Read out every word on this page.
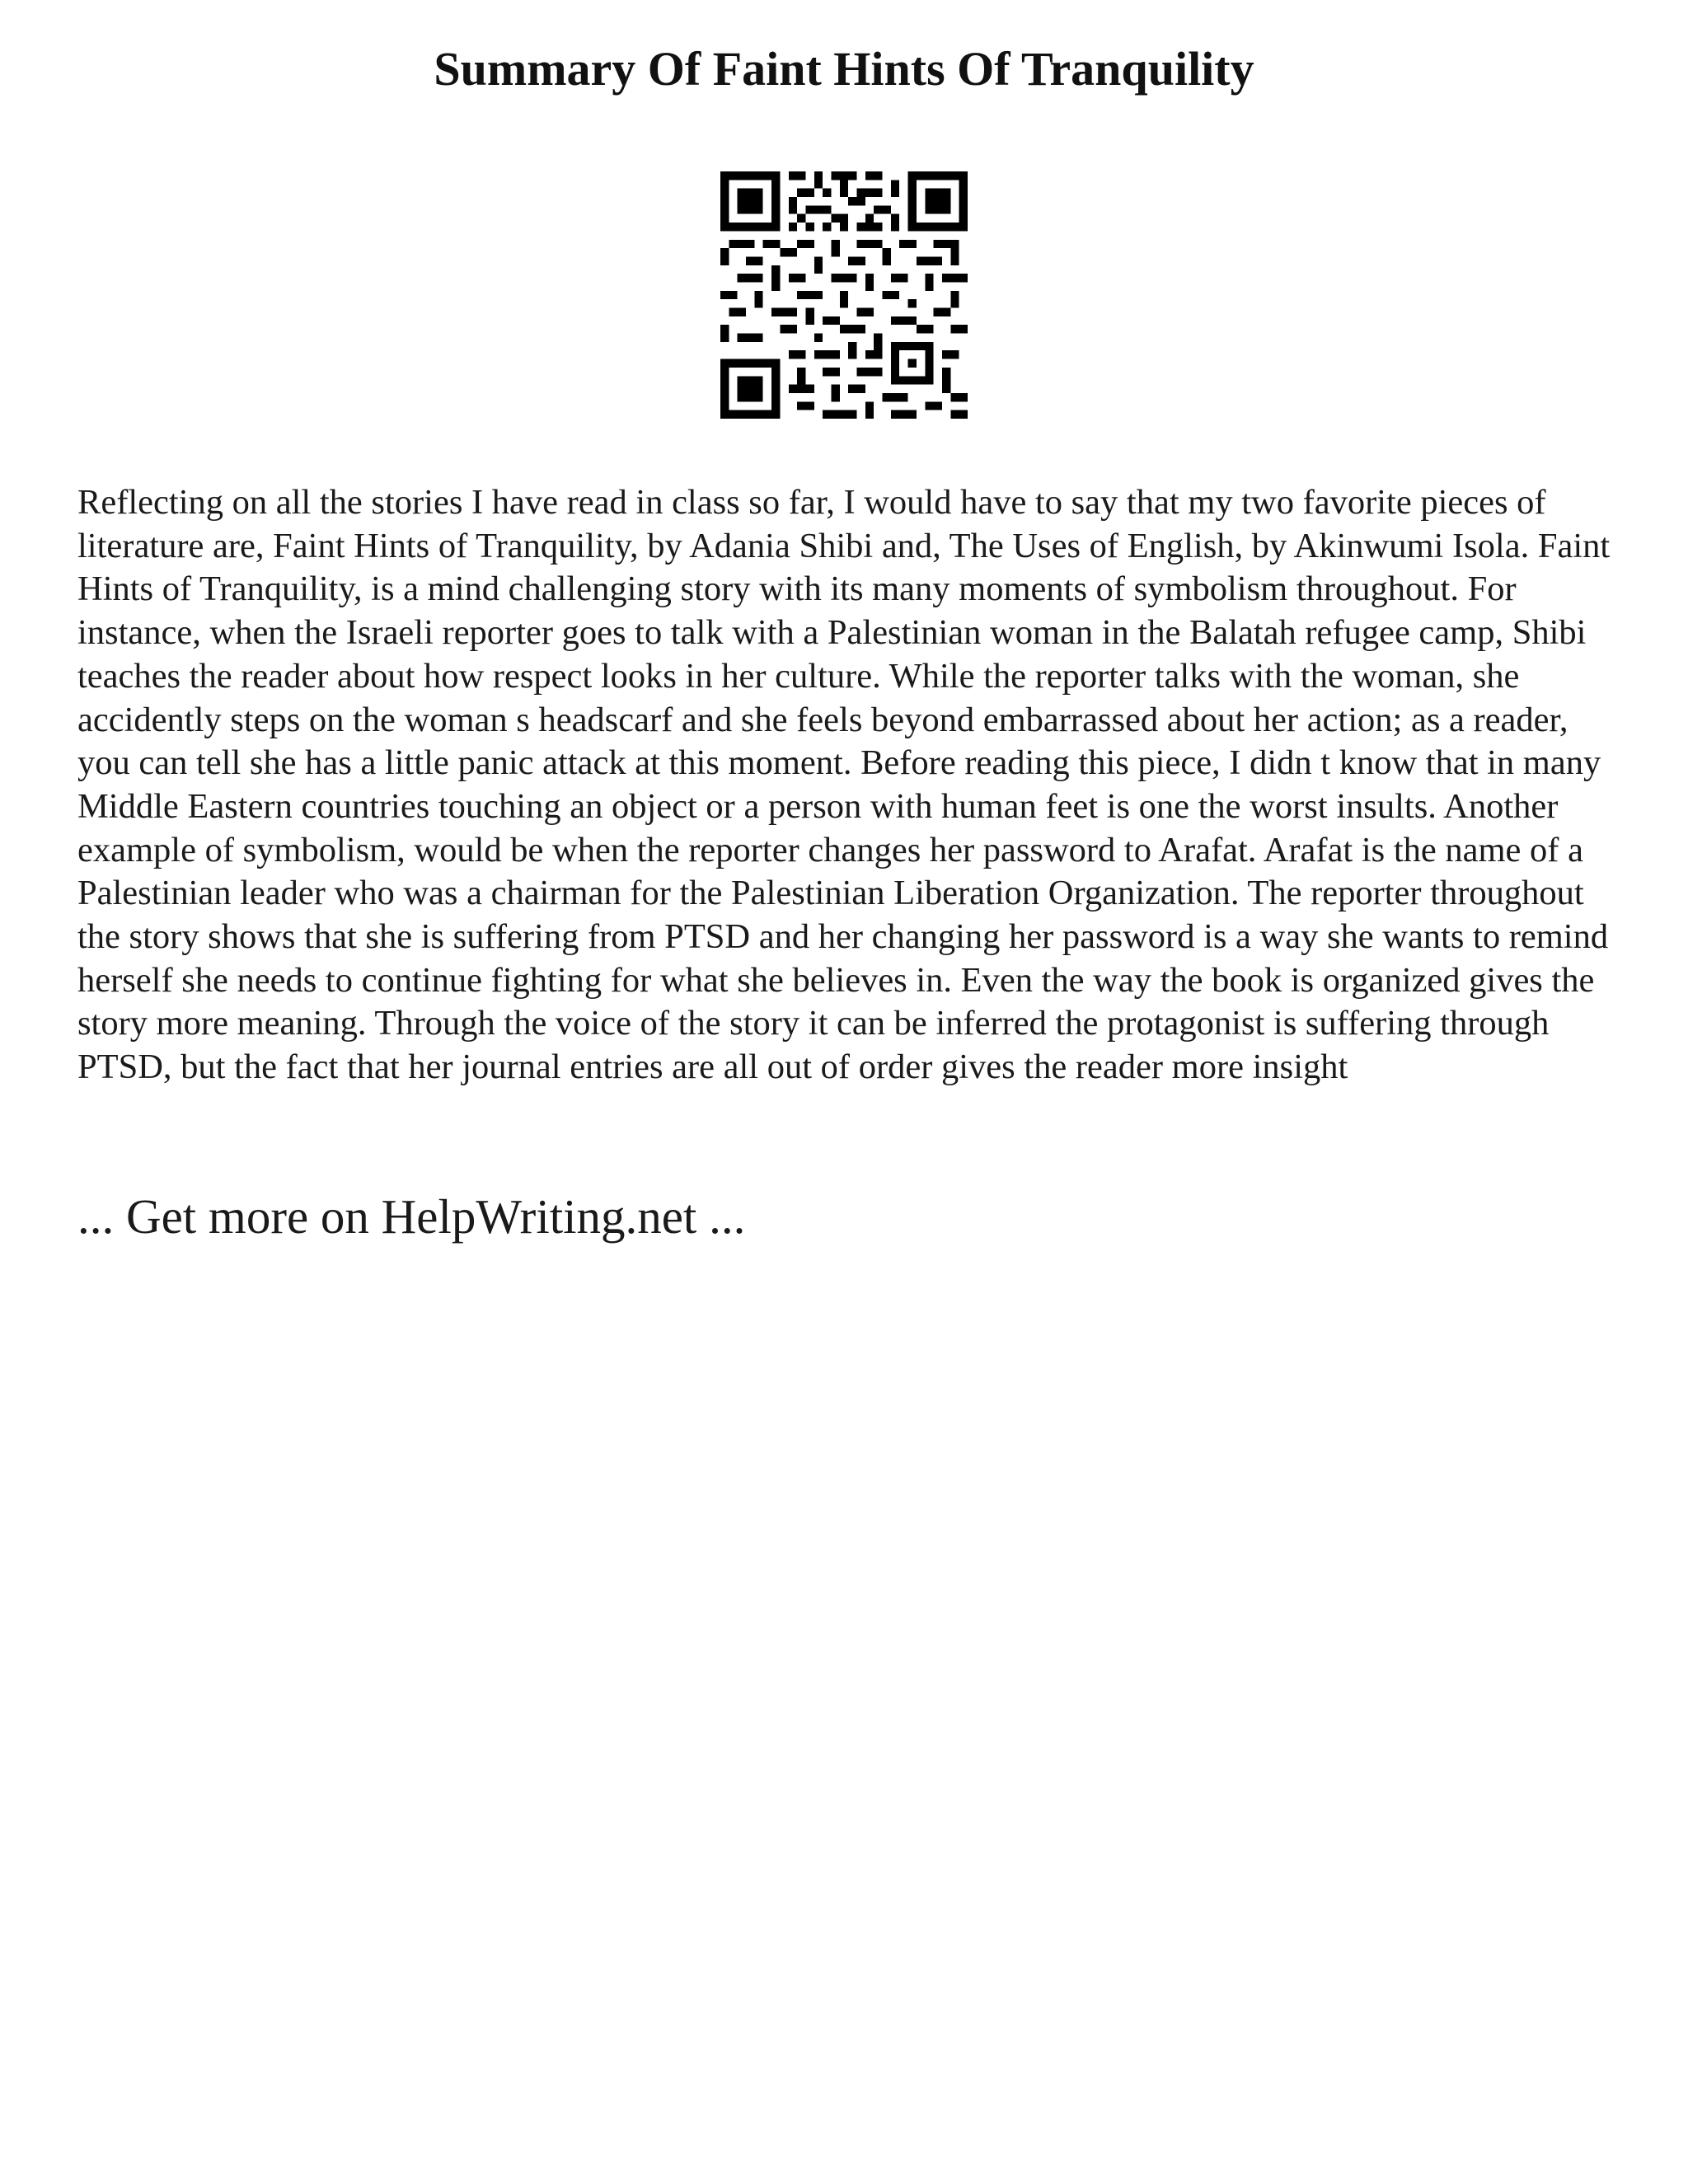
Summary Of Faint Hints Of Tranquility

Reflecting on all the stories I have read in class so far, I would have to say that my two favorite pieces of literature are, Faint Hints of Tranquility, by Adania Shibi and, The Uses of English, by Akinwumi Isola. Faint Hints of Tranquility, is a mind challenging story with its many moments of symbolism throughout. For instance, when the Israeli reporter goes to talk with a Palestinian woman in the Balatah refugee camp, Shibi teaches the reader about how respect looks in her culture. While the reporter talks with the woman, she accidently steps on the woman s headscarf and she feels beyond embarrassed about her action; as a reader, you can tell she has a little panic attack at this moment. Before reading this piece, I didn t know that in many Middle Eastern countries touching an object or a person with human feet is one the worst insults. Another example of symbolism, would be when the reporter changes her password to Arafat. Arafat is the name of a Palestinian leader who was a chairman for the Palestinian Liberation Organization. The reporter throughout the story shows that she is suffering from PTSD and her changing her password is a way she wants to remind herself she needs to continue fighting for what she believes in. Even the way the book is organized gives the story more meaning. Through the voice of the story it can be inferred the protagonist is suffering through PTSD, but the fact that her journal entries are all out of order gives the reader more insight

... Get more on HelpWriting.net ...
